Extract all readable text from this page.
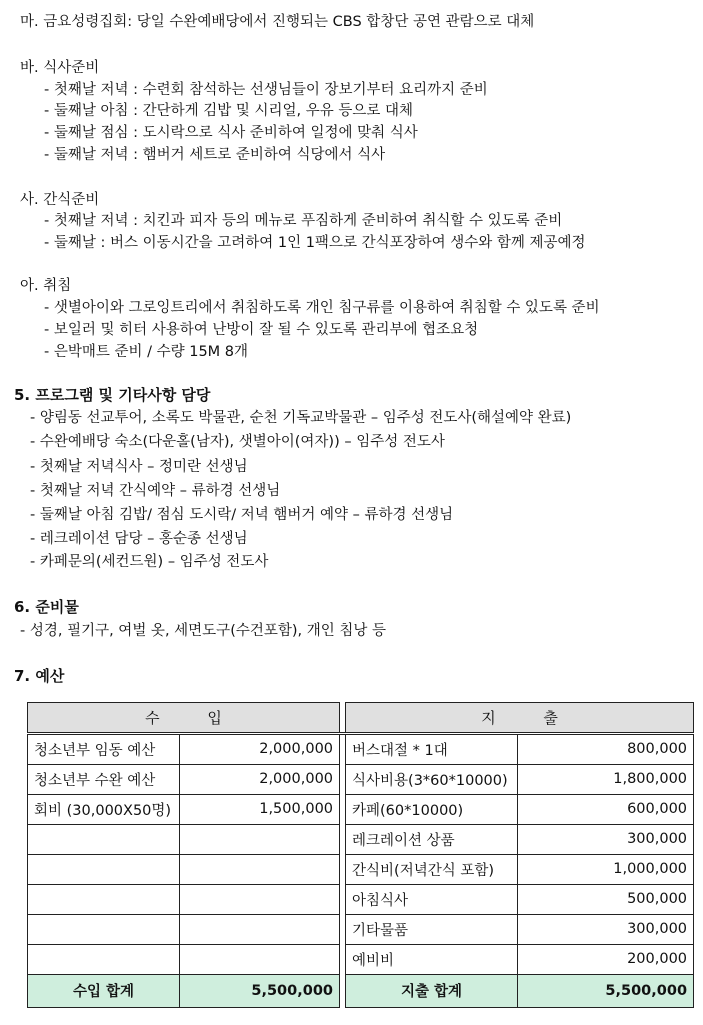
마. 금요성령집회: 당일 수완예배당에서 진행되는 CBS 합창단 공연 관람으로 대체
바. 식사준비
- 첫째날 저녁 : 수련회 참석하는 선생님들이 장보기부터 요리까지 준비
- 둘째날 아침 : 간단하게 김밥 및 시리얼, 우유 등으로 대체
- 둘째날 점심 : 도시락으로 식사 준비하여 일정에 맞춰 식사
- 둘째날 저녁 : 햄버거 세트로 준비하여 식당에서 식사
사. 간식준비
- 첫째날 저녁 : 치킨과 피자 등의 메뉴로 푸짐하게 준비하여 취식할 수 있도록 준비
- 둘째날 : 버스 이동시간을 고려하여 1인 1팩으로 간식포장하여 생수와 함께 제공예정
아. 취침
- 샛별아이와 그로잉트리에서 취침하도록 개인 침구류를 이용하여 취침할 수 있도록 준비
- 보일러 및 히터 사용하여 난방이 잘 될 수 있도록 관리부에 협조요청
- 은박매트 준비 / 수량 15M 8개
5. 프로그램 및 기타사항 담당
- 양림동 선교투어, 소록도 박물관, 순천 기독교박물관 – 임주성 전도사(해설예약 완료)
- 수완예배당 숙소(다운홀(남자), 샛별아이(여자)) – 임주성 전도사
- 첫째날 저녁식사 – 정미란 선생님
- 첫째날 저녁 간식예약 – 류하경 선생님
- 둘째날 아침 김밥/ 점심 도시락/ 저녁 햄버거 예약 – 류하경 선생님
- 레크레이션 담당 – 홍순종 선생님
- 카페문의(세컨드원) – 임주성 전도사
6. 준비물
- 성경, 필기구, 여벌 옷, 세면도구(수건포함), 개인 침낭 등
7. 예산
수          입			지          출	
청소년부 임동 예산	2,000,000		버스대절 * 1대	800,000
청소년부 수완 예산	2,000,000		식사비용(3*60*10000)	1,800,000
회비 (30,000X50명)	1,500,000		카페(60*10000)	600,000
			레크레이션 상품	300,000
			간식비(저녁간식 포함)	1,000,000
			아침식사	500,000
			기타물품	300,000
			예비비	200,000
수입 합계	5,500,000		지출 합계	5,500,000
